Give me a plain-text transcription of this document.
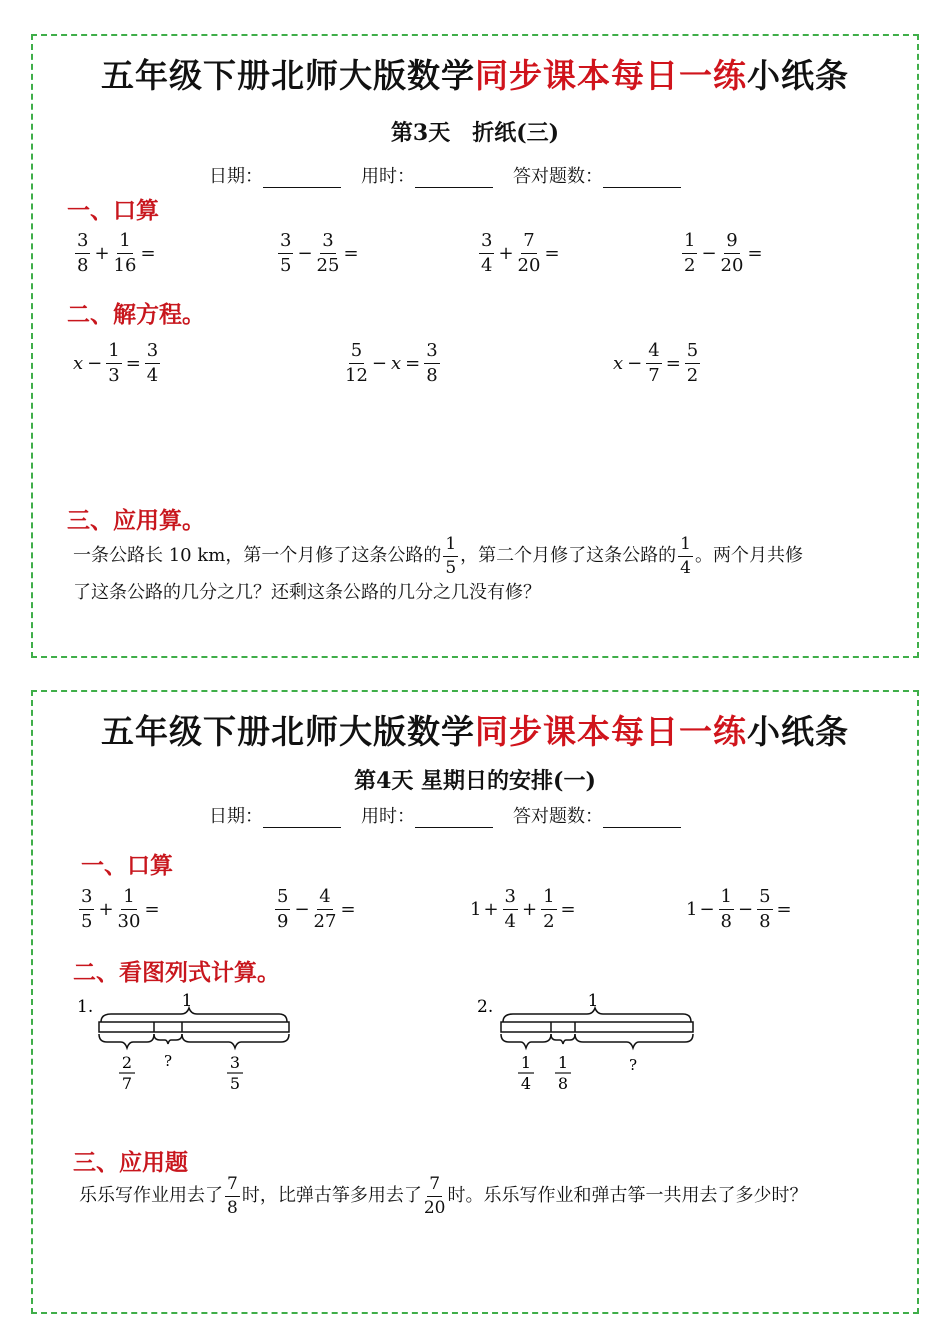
五年级下册北师大版数学同步课本每日一练小纸条
第3天　折纸(三)
日期：	用时：	答对题数：
一、口算
$\frac{3}{8} + \frac{1}{16}$ =	$\frac{3}{5} - \frac{3}{25}$ =	$\frac{3}{4} + \frac{7}{20}$ =	$\frac{1}{2} - \frac{9}{20}$ =
二、解方程。
$x - \frac{1}{3} = \frac{3}{4}$	$\frac{5}{12} - x = \frac{3}{8}$	$x - \frac{4}{7} = \frac{5}{2}$
三、应用算。
一条公路长 10 km，第一个月修了这条公路的 $\frac{1}{5}$ ，第二个月修了这条公路的 $\frac{1}{4}$ 。两个月共修
了这条公路的几分之几？还剩这条公路的几分之几没有修？
五年级下册北师大版数学同步课本每日一练小纸条
第4天 星期日的安排(一)
日期：	用时：	答对题数：
一、口算
$\frac{3}{5} + \frac{1}{30}$ =	$\frac{5}{9} - \frac{4}{27}$ =	$1 + \frac{3}{4} + \frac{1}{2}$ =	$1 - \frac{1}{8} - \frac{5}{8}$ =
二、看图列式计算。
1.	1
2
7
?	3
5
2.	1
1
4
1
8
?
三、应用题
乐乐写作业用去了 $\frac{7}{8}$ 时，比弹古筝多用去了 $\frac{7}{20}$ 时。乐乐写作业和弹古筝一共用去了多少时？
